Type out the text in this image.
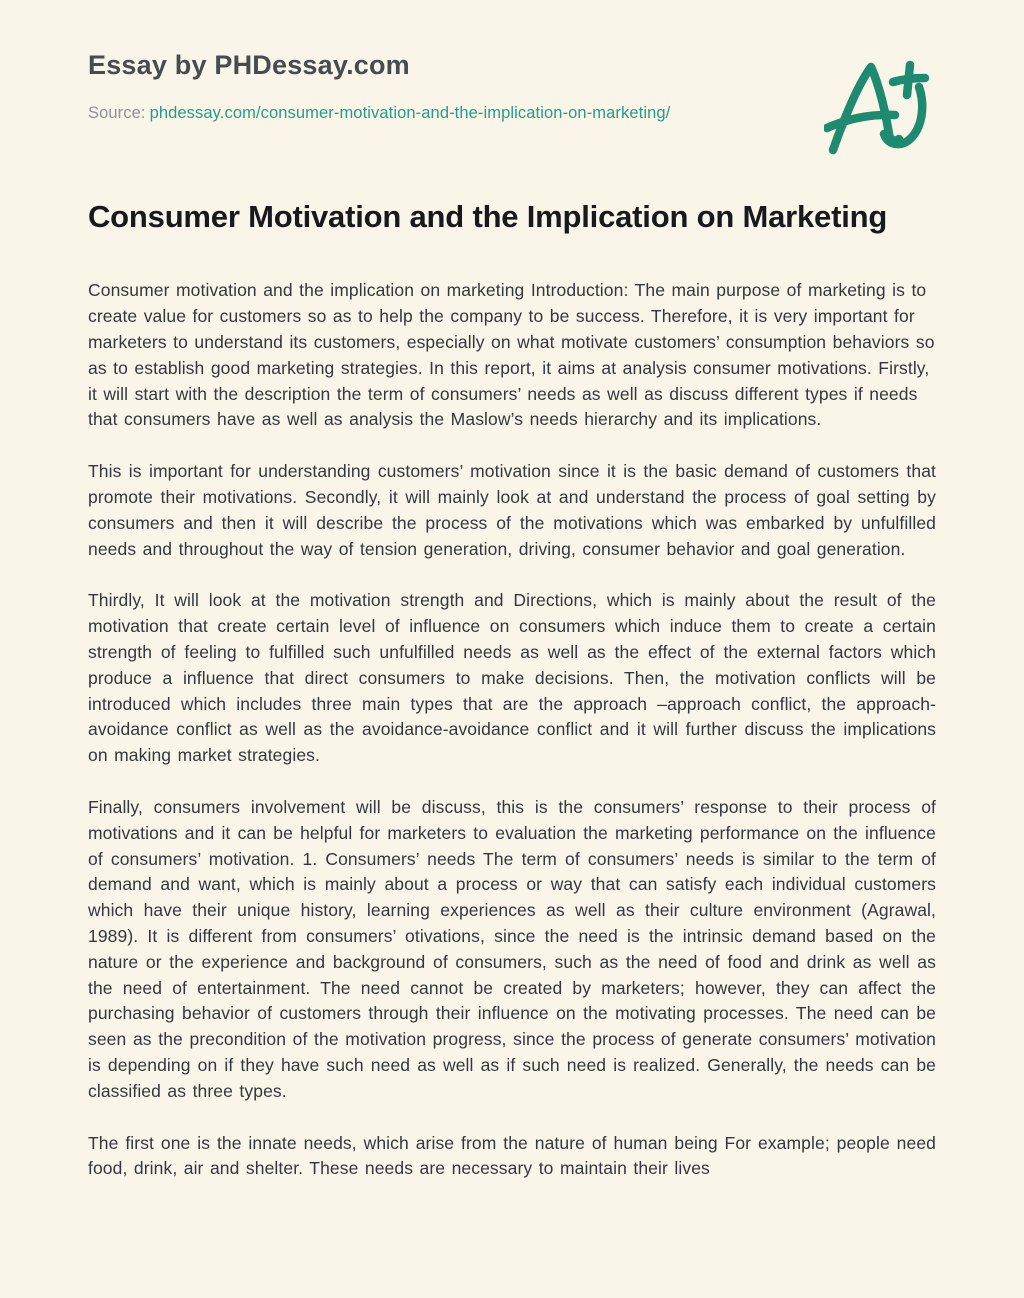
Essay by PHDessay.com
Source: phdessay.com/consumer-motivation-and-the-implication-on-marketing/
Consumer Motivation and the Implication on Marketing

Consumer motivation and the implication on marketing Introduction: The main purpose of marketing is to create value for customers so as to help the company to be success. Therefore, it is very important for marketers to understand its customers, especially on what motivate customers’ consumption behaviors so as to establish good marketing strategies. In this report, it aims at analysis consumer motivations. Firstly, it will start with the description the term of consumers’ needs as well as discuss different types if needs that consumers have as well as analysis the Maslow’s needs hierarchy and its implications.

This is important for understanding customers’ motivation since it is the basic demand of customers that promote their motivations. Secondly, it will mainly look at and understand the process of goal setting by consumers and then it will describe the process of the motivations which was embarked by unfulfilled needs and throughout the way of tension generation, driving, consumer behavior and goal generation.

Thirdly, It will look at the motivation strength and Directions, which is mainly about the result of the motivation that create certain level of influence on consumers which induce them to create a certain strength of feeling to fulfilled such unfulfilled needs as well as the effect of the external factors which produce a influence that direct consumers to make decisions. Then, the motivation conflicts will be introduced which includes three main types that are the approach –approach conflict, the approach-avoidance conflict as well as the avoidance-avoidance conflict and it will further discuss the implications on making market strategies.

Finally, consumers involvement will be discuss, this is the consumers’ response to their process of motivations and it can be helpful for marketers to evaluation the marketing performance on the influence of consumers’ motivation. 1. Consumers’ needs The term of consumers’ needs is similar to the term of demand and want, which is mainly about a process or way that can satisfy each individual customers which have their unique history, learning experiences as well as their culture environment (Agrawal, 1989). It is different from consumers’ otivations, since the need is the intrinsic demand based on the nature or the experience and background of consumers, such as the need of food and drink as well as the need of entertainment. The need cannot be created by marketers; however, they can affect the purchasing behavior of customers through their influence on the motivating processes. The need can be seen as the precondition of the motivation progress, since the process of generate consumers’ motivation is depending on if they have such need as well as if such need is realized. Generally, the needs can be classified as three types.

The first one is the innate needs, which arise from the nature of human being For example; people need food, drink, air and shelter. These needs are necessary to maintain their lives
